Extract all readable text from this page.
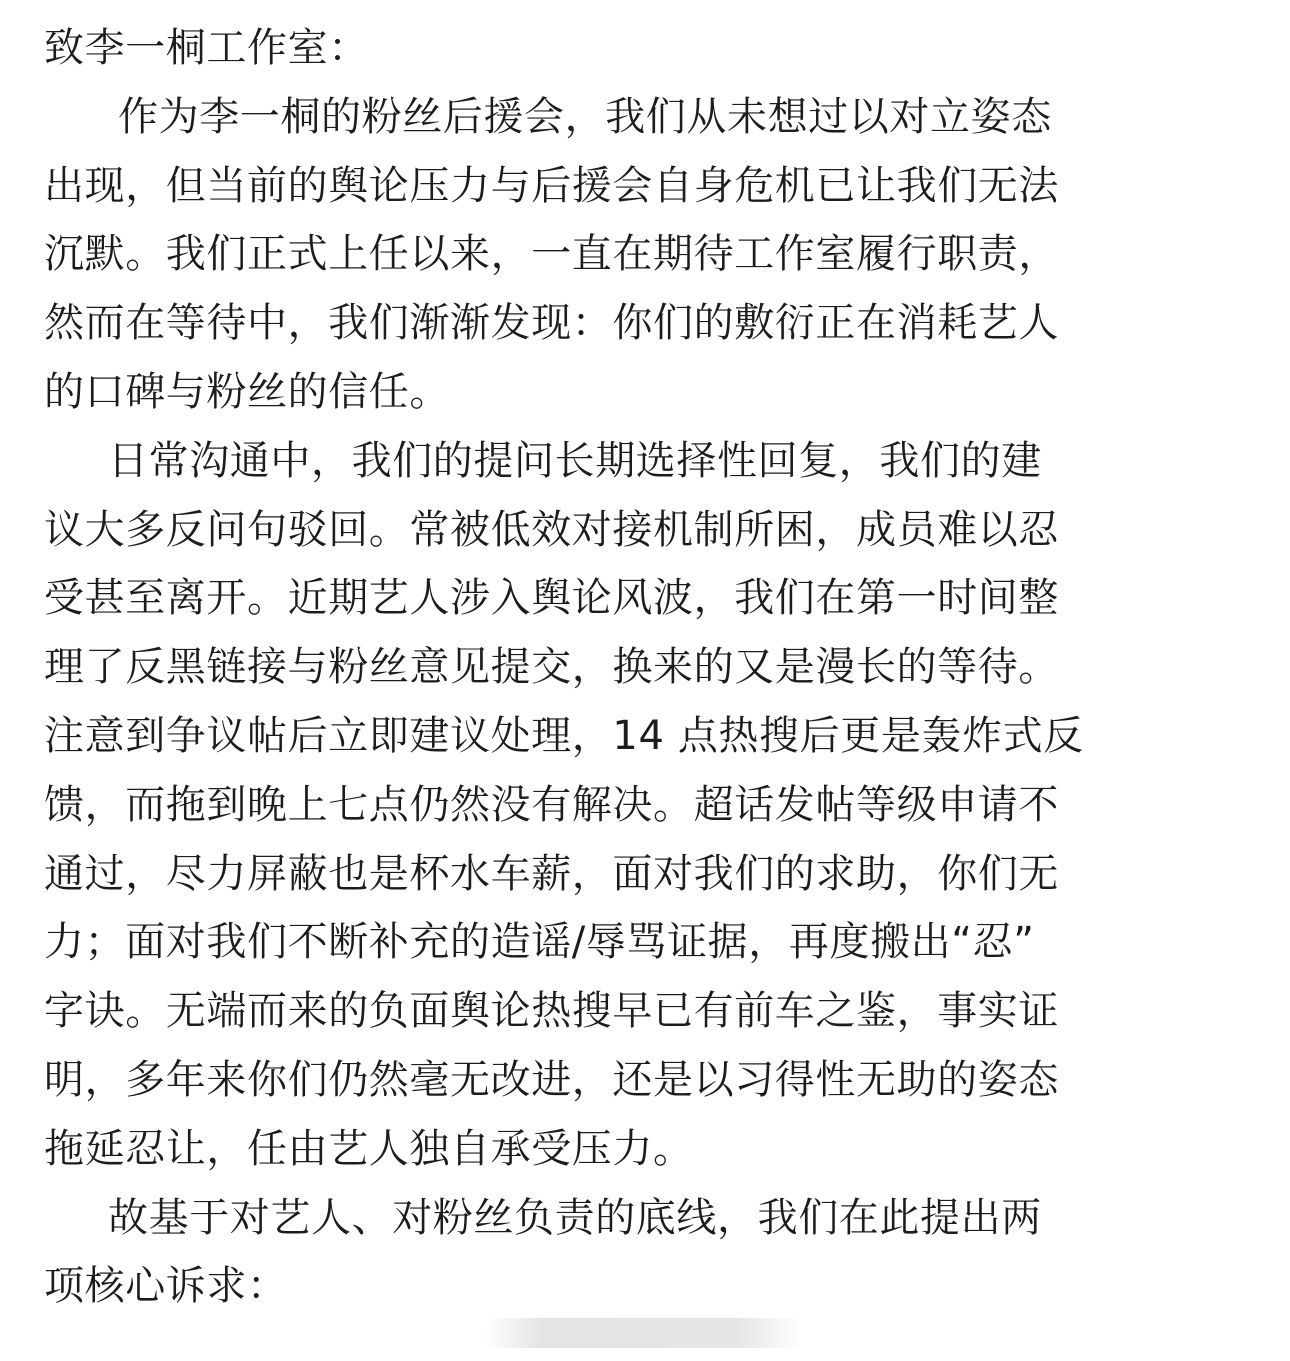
致李一桐工作室：

作为李一桐的粉丝后援会，我们从未想过以对立姿态

出现，但当前的舆论压力与后援会自身危机已让我们无法

沉默。我们正式上任以来，一直在期待工作室履行职责，

然而在等待中，我们渐渐发现：你们的敷衍正在消耗艺人

的口碑与粉丝的信任。

日常沟通中，我们的提问长期选择性回复，我们的建

议大多反问句驳回。常被低效对接机制所困，成员难以忍

受甚至离开。近期艺人涉入舆论风波，我们在第一时间整

理了反黑链接与粉丝意见提交，换来的又是漫长的等待。

注意到争议帖后立即建议处理，14 点热搜后更是轰炸式反

馈，而拖到晚上七点仍然没有解决。超话发帖等级申请不

通过，尽力屏蔽也是杯水车薪，面对我们的求助，你们无

力；面对我们不断补充的造谣/辱骂证据，再度搬出“忍”

字诀。无端而来的负面舆论热搜早已有前车之鉴，事实证

明，多年来你们仍然毫无改进，还是以习得性无助的姿态

拖延忍让，任由艺人独自承受压力。

故基于对艺人、对粉丝负责的底线，我们在此提出两

项核心诉求：
